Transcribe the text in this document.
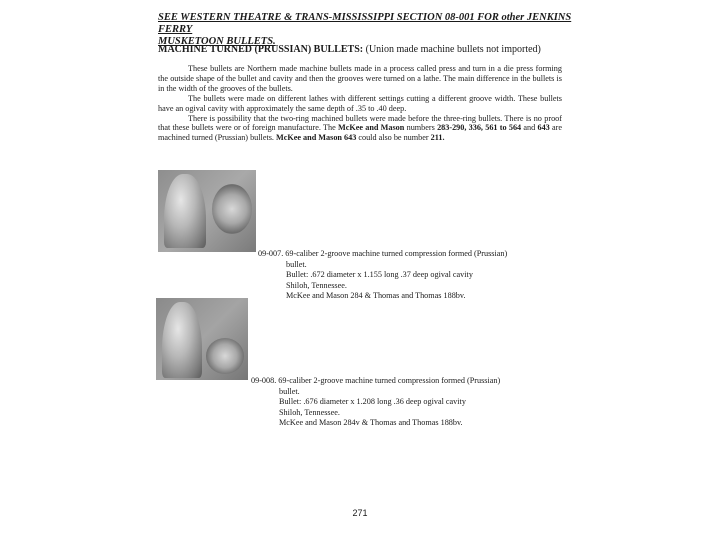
SEE WESTERN THEATRE & TRANS-MISSISSIPPI SECTION 08-001 FOR other JENKINS FERRY
MUSKETOON BULLETS.
MACHINE TURNED (PRUSSIAN) BULLETS: (Union made machine bullets not imported)

These bullets are Northern made machine bullets made in a process called press and turn in a die press forming the outside shape of the bullet and cavity and then the grooves were turned on a lathe. The main difference in the bullets is in the width of the grooves of the bullets.

The bullets were made on different lathes with different settings cutting a different groove width. These bullets have an ogival cavity with approximately the same depth of .35 to .40 deep.

There is possibility that the two-ring machined bullets were made before the three-ring bullets. There is no proof that these bullets were or of foreign manufacture. The McKee and Mason numbers 283-290, 336, 561 to 564 and 643 are machined turned (Prussian) bullets. McKee and Mason 643 could also be number 211.

09-007. 69-caliber 2-groove machine turned compression formed (Prussian)
bullet.
Bullet: .672 diameter x 1.155 long .37 deep ogival cavity
Shiloh, Tennessee.
McKee and Mason 284 & Thomas and Thomas 188bv.
09-008. 69-caliber 2-groove machine turned compression formed (Prussian)
bullet.
Bullet: .676 diameter x 1.208 long .36 deep ogival cavity
Shiloh, Tennessee.
McKee and Mason 284v & Thomas and Thomas 188bv.
271
